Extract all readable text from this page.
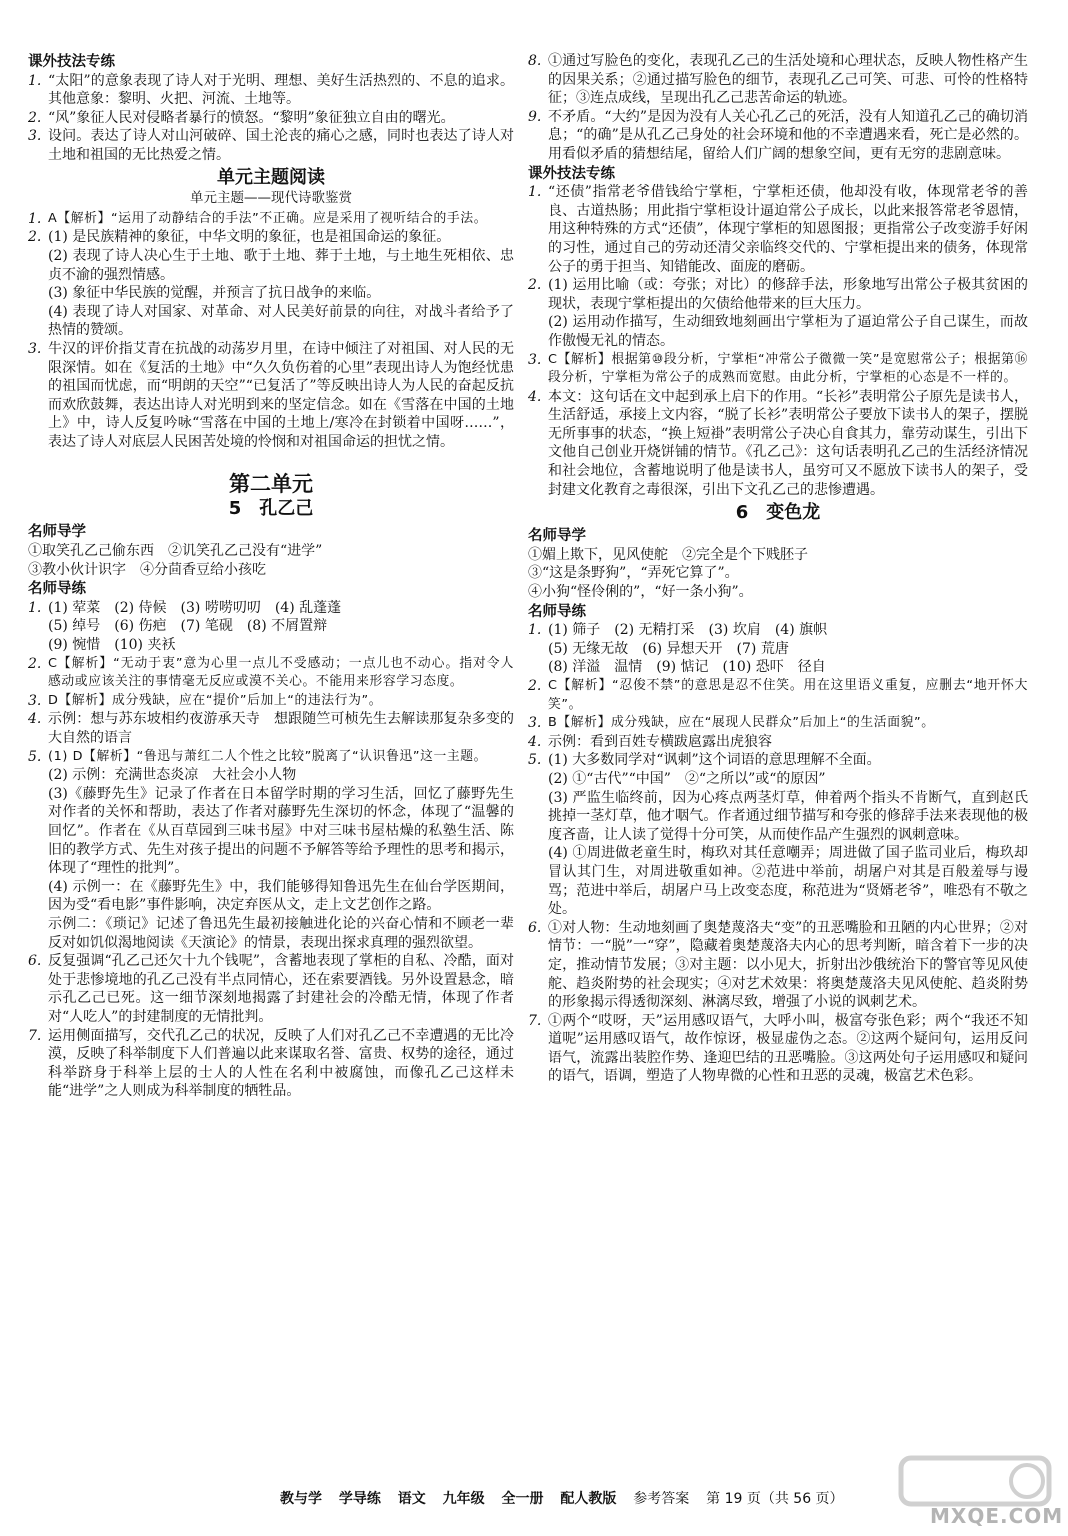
课外技法专练
1. “太阳”的意象表现了诗人对于光明、理想、美好生活热烈的、不息的追求。其他意象：黎明、火把、河流、土地等。
2. “风”象征人民对侵略者暴行的愤怒。“黎明”象征独立自由的曙光。
3. 设问。表达了诗人对山河破碎、国土沦丧的痛心之感，同时也表达了诗人对土地和祖国的无比热爱之情。
单元主题阅读
单元主题——现代诗歌鉴赏
1. A【解析】“运用了动静结合的手法”不正确。应是采用了视听结合的手法。
2. (1) 是民族精神的象征，中华文明的象征，也是祖国命运的象征。
(2) 表现了诗人决心生于土地、歌于土地、葬于土地，与土地生死相依、忠贞不渝的强烈情感。
(3) 象征中华民族的觉醒，并预言了抗日战争的来临。
(4) 表现了诗人对国家、对革命、对人民美好前景的向往，对战斗者给予了热情的赞颂。
3. 牛汉的评价指艾青在抗战的动荡岁月里，在诗中倾注了对祖国、对人民的无限深情。如在《复活的土地》中“久久负伤着的心里”表现出诗人为饱经忧患的祖国而忧虑，而“明朗的天空”“已复活了”等反映出诗人为人民的奋起反抗而欢欣鼓舞，表达出诗人对光明到来的坚定信念。如在《雪落在中国的土地上》中，诗人反复吟咏“雪落在中国的土地上/寒冷在封锁着中国呀……”，表达了诗人对底层人民困苦处境的怜悯和对祖国命运的担忧之情。
第二单元
5　孔乙己
名师导学

①取笑孔乙己偷东西　②讥笑孔乙己没有“进学”

③教小伙计识字　④分茴香豆给小孩吃

名师导练
1. (1) 荤菜　(2) 侍候　(3) 唠唠叨叨　(4) 乱蓬蓬
(5) 绰号　(6) 伤疤　(7) 笔砚　(8) 不屑置辩
(9) 惋惜　(10) 夹袄
2. C【解析】“无动于衷”意为心里一点儿不受感动；一点儿也不动心。指对令人感动或应该关注的事情毫无反应或漠不关心。不能用来形容学习态度。
3. D【解析】成分残缺，应在“提价”后加上“的违法行为”。
4. 示例：想与苏东坡相约夜游承天寺　想跟随竺可桢先生去解读那复杂多变的大自然的语言
5. (1) D【解析】“鲁迅与萧红二人个性之比较”脱离了“认识鲁迅”这一主题。
(2) 示例：充满世态炎凉　大社会小人物
(3)《藤野先生》记录了作者在日本留学时期的学习生活，回忆了藤野先生对作者的关怀和帮助，表达了作者对藤野先生深切的怀念，体现了“温馨的回忆”。作者在《从百草园到三味书屋》中对三味书屋枯燥的私塾生活、陈旧的教学方式、先生对孩子提出的问题不予解答等给予理性的思考和揭示，体现了“理性的批判”。
(4) 示例一：在《藤野先生》中，我们能够得知鲁迅先生在仙台学医期间，因为受“看电影”事件影响，决定弃医从文，走上文艺创作之路。
示例二：《琐记》记述了鲁迅先生最初接触进化论的兴奋心情和不顾老一辈反对如饥似渴地阅读《天演论》的情景，表现出探求真理的强烈欲望。
6. 反复强调“孔乙己还欠十九个钱呢”，含蓄地表现了掌柜的自私、冷酷，面对处于悲惨境地的孔乙己没有半点同情心，还在索要酒钱。另外设置悬念，暗示孔乙己已死。这一细节深刻地揭露了封建社会的冷酷无情，体现了作者对“人吃人”的封建制度的无情批判。
7. 运用侧面描写，交代孔乙己的状况，反映了人们对孔乙己不幸遭遇的无比冷漠，反映了科举制度下人们普遍以此来谋取名誉、富贵、权势的途径，通过科举跻身于科举上层的士人的人性在名利中被腐蚀，而像孔乙己这样未能“进学”之人则成为科举制度的牺牲品。
8. ①通过写脸色的变化，表现孔乙己的生活处境和心理状态，反映人物性格产生的因果关系；②通过描写脸色的细节，表现孔乙己可笑、可悲、可怜的性格特征；③连点成线，呈现出孔乙己悲苦命运的轨迹。
9. 不矛盾。“大约”是因为没有人关心孔乙己的死活，没有人知道孔乙己的确切消息；“的确”是从孔乙己身处的社会环境和他的不幸遭遇来看，死亡是必然的。用看似矛盾的猜想结尾，留给人们广阔的想象空间，更有无穷的悲剧意味。
课外技法专练
1. “还债”指常老爷借钱给宁掌柜，宁掌柜还债，他却没有收，体现常老爷的善良、古道热肠；用此指宁掌柜设计逼迫常公子成长，以此来报答常老爷恩情，用这种特殊的方式“还债”，体现宁掌柜的知恩图报；更指常公子改变游手好闲的习性，通过自己的劳动还清父亲临终交代的、宁掌柜提出来的债务，体现常公子的勇于担当、知错能改、面庞的磨砺。
2. (1) 运用比喻（或：夸张；对比）的修辞手法，形象地写出常公子极其贫困的现状，表现宁掌柜提出的欠债给他带来的巨大压力。
(2) 运用动作描写，生动细致地刻画出宁掌柜为了逼迫常公子自己谋生，而故作傲慢无礼的情态。
3. C【解析】根据第⑩段分析，宁掌柜“冲常公子微微一笑”是宽慰常公子；根据第⑯段分析，宁掌柜为常公子的成熟而宽慰。由此分析，宁掌柜的心态是不一样的。
4. 本文：这句话在文中起到承上启下的作用。“长衫”表明常公子原先是读书人，生活舒适，承接上文内容，“脱了长衫”表明常公子要放下读书人的架子，摆脱无所事事的状态，“换上短褂”表明常公子决心自食其力，靠劳动谋生，引出下文他自己创业开烧饼铺的情节。《孔乙己》：这句话表明孔乙己的生活经济情况和社会地位，含蓄地说明了他是读书人，虽穷可又不愿放下读书人的架子，受封建文化教育之毒很深，引出下文孔乙己的悲惨遭遇。
6　变色龙
名师导学

①媚上欺下，见风使舵　②完全是个下贱胚子

③“这是条野狗”，“弄死它算了”。

④小狗“怪伶俐的”，“好一条小狗”。

名师导练
1. (1) 筛子　(2) 无精打采　(3) 坎肩　(4) 旗帜
(5) 无缘无故　(6) 异想天开　(7) 荒唐
(8) 洋溢　温情　(9) 惦记　(10) 恐吓　径自
2. C【解析】“忍俊不禁”的意思是忍不住笑。用在这里语义重复，应删去“地开怀大笑”。
3. B【解析】成分残缺，应在“展现人民群众”后加上“的生活面貌”。
4. 示例：看到百姓专横跋扈露出虎狼容
5. (1) 大多数同学对“讽刺”这个词语的意思理解不全面。
(2) ①“古代”“中国”　②“之所以”或“的原因”
(3) 严监生临终前，因为心疼点两茎灯草，伸着两个指头不肯断气，直到赵氏挑掉一茎灯草，他才咽气。作者通过细节描写和夸张的修辞手法来表现他的极度吝啬，让人读了觉得十分可笑，从而使作品产生强烈的讽刺意味。
(4) ①周进做老童生时，梅玖对其任意嘲弄；周进做了国子监司业后，梅玖却冒认其门生，对周进敬重如神。②范进中举前，胡屠户对其是百般羞辱与谩骂；范进中举后，胡屠户马上改变态度，称范进为“贤婿老爷”，唯恐有不敬之处。
6. ①对人物：生动地刻画了奥楚蔑洛夫“变”的丑恶嘴脸和丑陋的内心世界；②对情节：一“脱”一“穿”，隐藏着奥楚蔑洛夫内心的思考判断，暗含着下一步的决定，推动情节发展；③对主题：以小见大，折射出沙俄统治下的警官等见风使舵、趋炎附势的社会现实；④对艺术效果：将奥楚蔑洛夫见风使舵、趋炎附势的形象揭示得透彻深刻、淋漓尽致，增强了小说的讽刺艺术。
7. ①两个“哎呀，天”运用感叹语气，大呼小叫，极富夸张色彩；两个“我还不知道呢”运用感叹语气，故作惊讶，极显虚伪之态。②这两个疑问句，运用反问语气，流露出装腔作势、逢迎巴结的丑恶嘴脸。③这两处句子运用感叹和疑问的语气，语调，塑造了人物卑微的心性和丑恶的灵魂，极富艺术色彩。
教与学 学导练 语文 九年级 全一册 配人教版 参考答案 第 19 页（共 56 页）
MXQE.COM
